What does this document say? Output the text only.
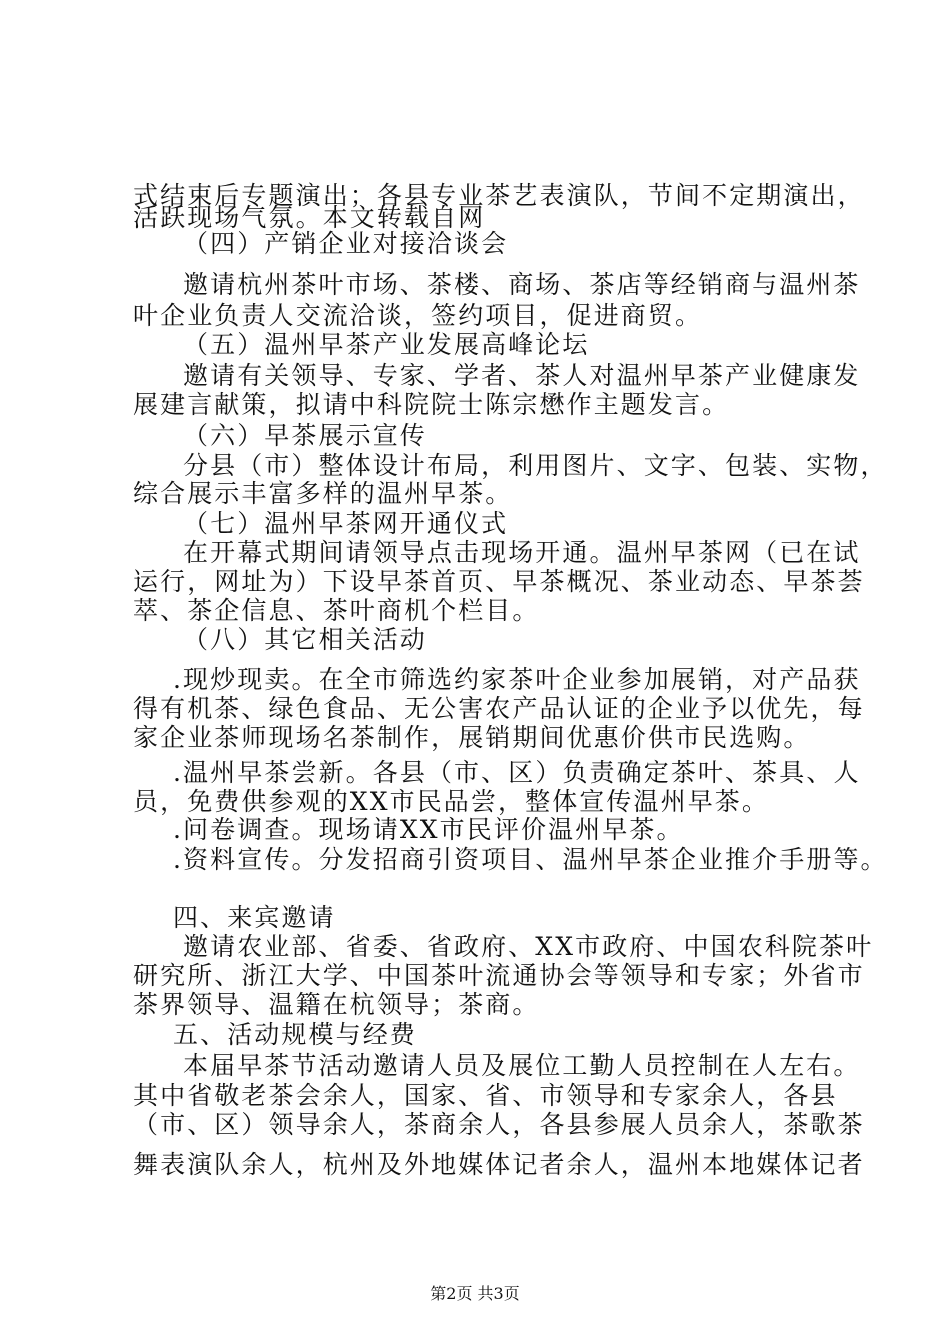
式结束后专题演出；各县专业茶艺表演队，节间不定期演出，
活跃现场气氛。本文转载自网
（四）产销企业对接洽谈会
邀请杭州茶叶市场、茶楼、商场、茶店等经销商与温州茶
叶企业负责人交流洽谈，签约项目，促进商贸。
（五）温州早茶产业发展高峰论坛
邀请有关领导、专家、学者、茶人对温州早茶产业健康发
展建言献策，拟请中科院院士陈宗懋作主题发言。
（六）早茶展示宣传
分县（市）整体设计布局，利用图片、文字、包装、实物，
综合展示丰富多样的温州早茶。
（七）温州早茶网开通仪式
在开幕式期间请领导点击现场开通。温州早茶网（已在试
运行，网址为）下设早茶首页、早茶概况、茶业动态、早茶荟
萃、茶企信息、茶叶商机个栏目。
（八）其它相关活动
.现炒现卖。在全市筛选约家茶叶企业参加展销，对产品获
得有机茶、绿色食品、无公害农产品认证的企业予以优先，每
家企业茶师现场名茶制作，展销期间优惠价供市民选购。
.温州早茶尝新。各县（市、区）负责确定茶叶、茶具、人
员，免费供参观的XX市民品尝，整体宣传温州早茶。
.问卷调查。现场请XX市民评价温州早茶。
.资料宣传。分发招商引资项目、温州早茶企业推介手册等。
四、来宾邀请
邀请农业部、省委、省政府、XX市政府、中国农科院茶叶
研究所、浙江大学、中国茶叶流通协会等领导和专家；外省市
茶界领导、温籍在杭领导；茶商。
五、活动规模与经费
本届早茶节活动邀请人员及展位工勤人员控制在人左右。
其中省敬老茶会余人，国家、省、市领导和专家余人，各县
（市、区）领导余人，茶商余人，各县参展人员余人，茶歌茶
舞表演队余人，杭州及外地媒体记者余人，温州本地媒体记者
第2页 共3页
